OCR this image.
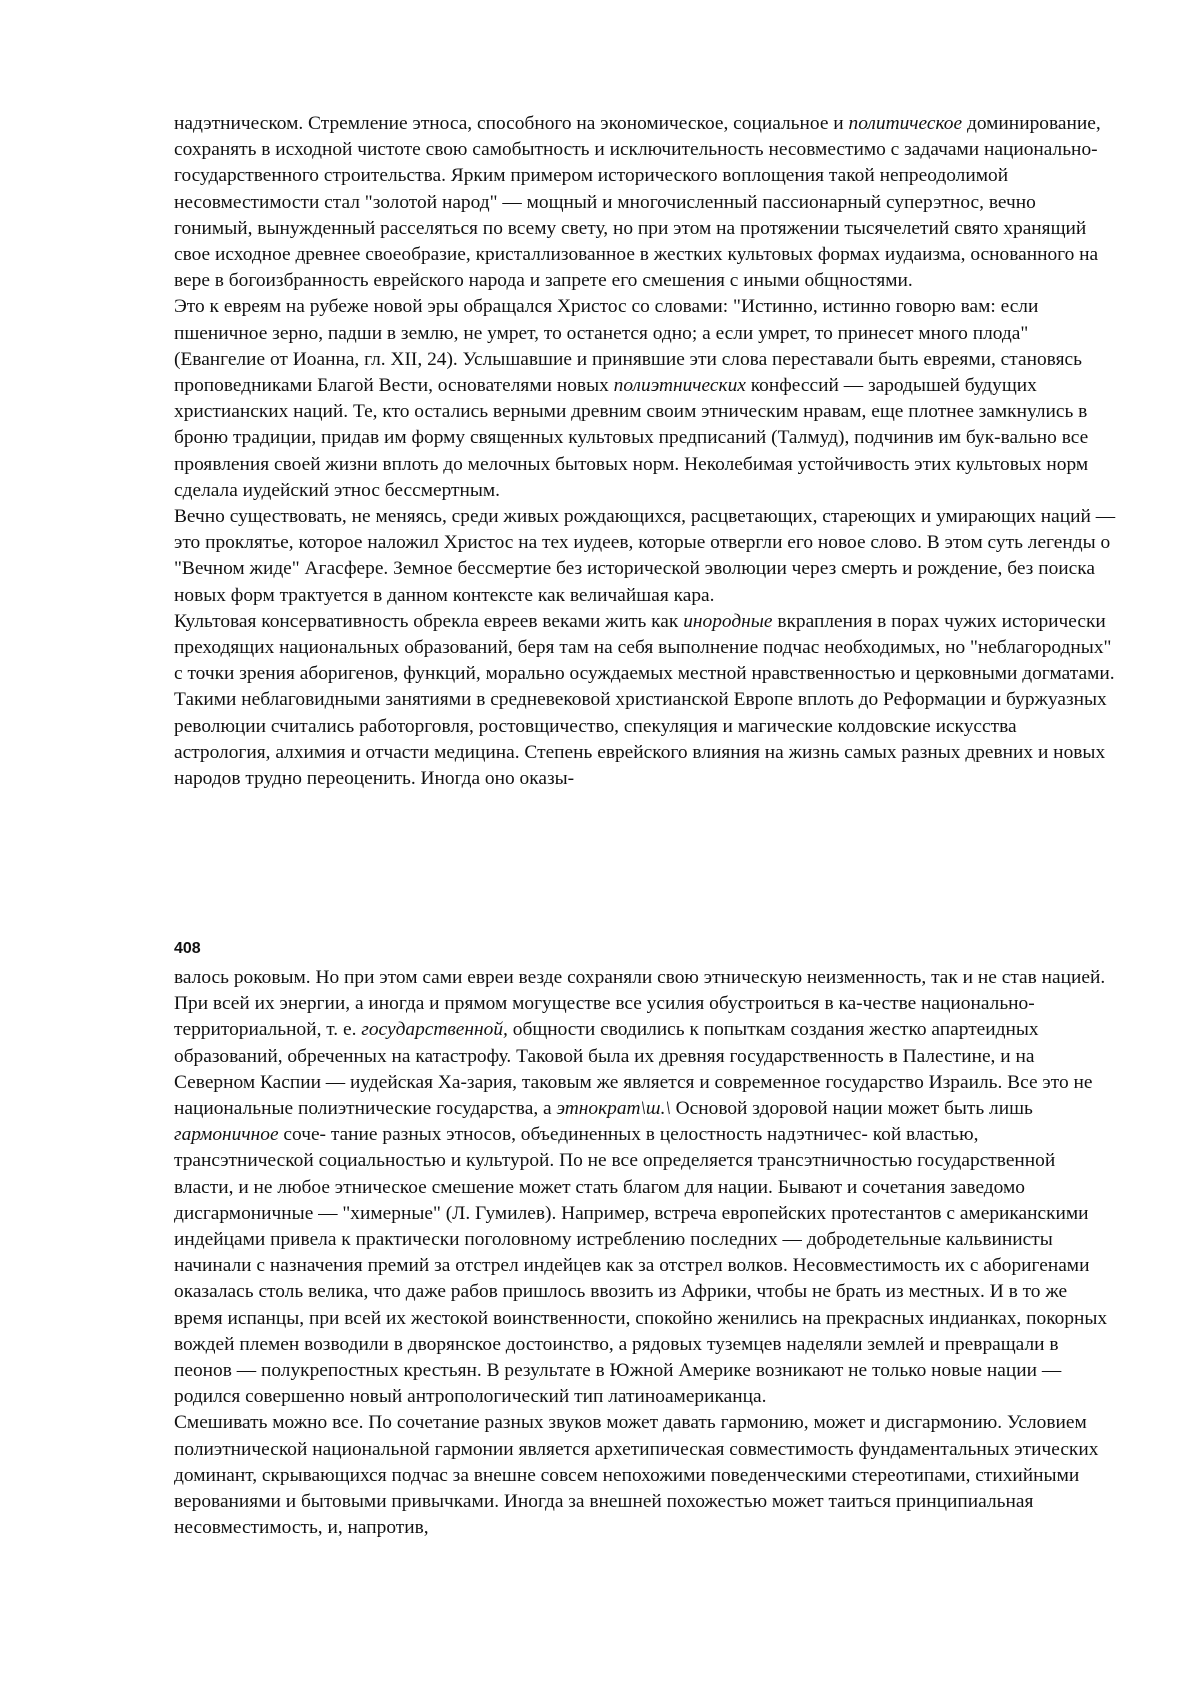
надэтническом. Стремление этноса, способного на экономическое, социальное и политическое доминирование, сохранять в исходной чистоте свою самобытность и исключительность несовместимо с задачами национально-государственного строительства. Ярким примером исторического воплощения такой непреодолимой несовместимости стал "золотой народ" — мощный и многочисленный пассионарный суперэтнос, вечно гонимый, вынужденный расселяться по всему свету, но при этом на протяжении тысячелетий свято хранящий свое исходное древнее своеобразие, кристаллизованное в жестких культовых формах иудаизма, основанного на вере в богоизбранность еврейского народа и запрете его смешения с иными общностями.

Это к евреям на рубеже новой эры обращался Христос со словами: "Истинно, истинно говорю вам: если пшеничное зерно, падши в землю, не умрет, то останется одно; а если умрет, то принесет много плода" (Евангелие от Иоанна, гл. XII, 24). Услышавшие и принявшие эти слова переставали быть евреями, становясь проповедниками Благой Вести, основателями новых полиэтнических конфессий — зародышей будущих христианских наций. Те, кто остались верными древним своим этническим нравам, еще плотнее замкнулись в броню традиции, придав им форму священных культовых предписаний (Талмуд), подчинив им бук-вально все проявления своей жизни вплоть до мелочных бытовых норм. Неколебимая устойчивость этих культовых норм сделала иудейский этнос бессмертным.

Вечно существовать, не меняясь, среди живых рождающихся, расцветающих, стареющих и умирающих наций — это проклятье, которое наложил Христос на тех иудеев, которые отвергли его новое слово. В этом суть легенды о "Вечном жиде" Агасфере. Земное бессмертие без исторической эволюции через смерть и рождение, без поиска новых форм трактуется в данном контексте как величайшая кара.

Культовая консервативность обрекла евреев веками жить как инородные вкрапления в порах чужих исторически преходящих национальных образований, беря там на себя выполнение подчас необходимых, но "неблагородных" с точки зрения аборигенов, функций, морально осуждаемых местной нравственностью и церковными догматами. Такими неблаговидными занятиями в средневековой христианской Европе вплоть до Реформации и буржуазных революции считались работорговля, ростовщичество, спекуляция и магические колдовские искусства астрология, алхимия и отчасти медицина. Степень еврейского влияния на жизнь самых разных древних и новых народов трудно переоценить. Иногда оно оказы-

408

валось роковым. Но при этом сами евреи везде сохраняли свою этническую неизменность, так и не став нацией. При всей их энергии, а иногда и прямом могуществе все усилия обустроиться в ка-честве национально-территориальной, т. е. государственной, общности сводились к попыткам создания жестко апартеидных образований, обреченных на катастрофу. Таковой была их древняя государственность в Палестине, и на Северном Каспии — иудейская Ха-зария, таковым же является и современное государство Израиль. Все это не национальные полиэтнические государства, а этнократ\ш.\ Основой здоровой нации может быть лишь гармоничное соче- тание разных этносов, объединенных в целостность надэтничес- кой властью, трансэтнической социальностью и культурой. По не все определяется трансэтничностью государственной власти, и не любое этническое смешение может стать благом для нации. Бывают и сочетания заведомо дисгармоничные — "химерные" (Л. Гумилев). Например, встреча европейских протестантов с американскими индейцами привела к практически поголовному истреблению последних — добродетельные кальвинисты начинали с назначения премий за отстрел индейцев как за отстрел волков. Несовместимость их с аборигенами оказалась столь велика, что даже рабов пришлось ввозить из Африки, чтобы не брать из местных. И в то же время испанцы, при всей их жестокой воинственности, спокойно женились на прекрасных индианках, покорных вождей племен возводили в дворянское достоинство, а рядовых туземцев наделяли землей и превращали в пеонов — полукрепостных крестьян. В результате в Южной Америке возникают не только новые нации — родился совершенно новый антропологический тип латиноамериканца.

Смешивать можно все. По сочетание разных звуков может давать гармонию, может и дисгармонию. Условием полиэтнической национальной гармонии является архетипическая совместимость фундаментальных этических доминант, скрывающихся подчас за внешне совсем непохожими поведенческими стереотипами, стихийными верованиями и бытовыми привычками. Иногда за внешней похожестью может таиться принципиальная несовместимость, и, напротив,
